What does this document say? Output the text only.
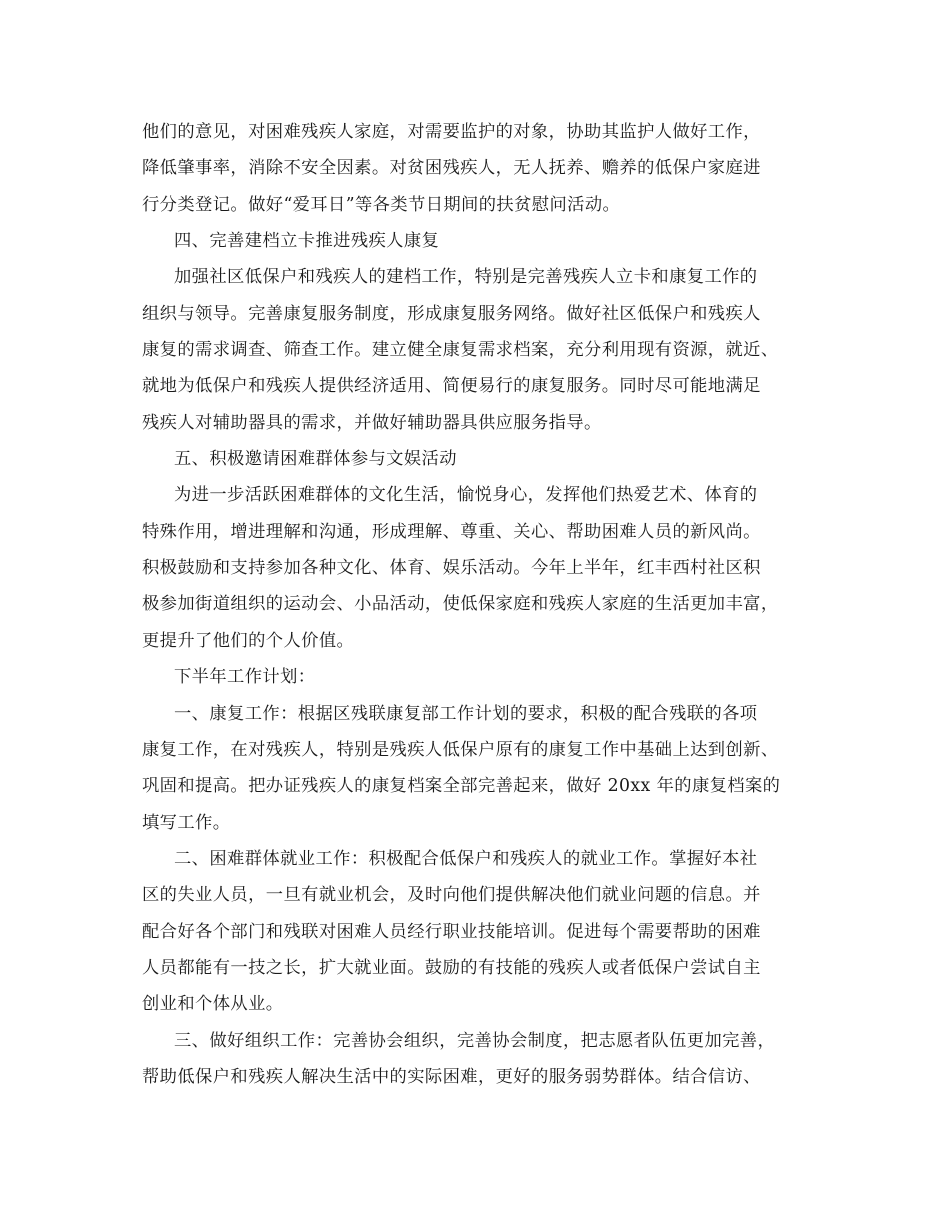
他们的意见，对困难残疾人家庭，对需要监护的对象，协助其监护人做好工作，

降低肇事率，消除不安全因素。对贫困残疾人，无人抚养、赡养的低保户家庭进

行分类登记。做好“爱耳日”等各类节日期间的扶贫慰问活动。

四、完善建档立卡推进残疾人康复

加强社区低保户和残疾人的建档工作，特别是完善残疾人立卡和康复工作的

组织与领导。完善康复服务制度，形成康复服务网络。做好社区低保户和残疾人

康复的需求调查、筛查工作。建立健全康复需求档案，充分利用现有资源，就近、

就地为低保户和残疾人提供经济适用、简便易行的康复服务。同时尽可能地满足

残疾人对辅助器具的需求，并做好辅助器具供应服务指导。

五、积极邀请困难群体参与文娱活动

为进一步活跃困难群体的文化生活，愉悦身心，发挥他们热爱艺术、体育的

特殊作用，增进理解和沟通，形成理解、尊重、关心、帮助困难人员的新风尚。

积极鼓励和支持参加各种文化、体育、娱乐活动。今年上半年，红丰西村社区积

极参加街道组织的运动会、小品活动，使低保家庭和残疾人家庭的生活更加丰富，

更提升了他们的个人价值。

下半年工作计划：

一、康复工作：根据区残联康复部工作计划的要求，积极的配合残联的各项

康复工作，在对残疾人，特别是残疾人低保户原有的康复工作中基础上达到创新、

巩固和提高。把办证残疾人的康复档案全部完善起来，做好 20xx 年的康复档案的

填写工作。

二、困难群体就业工作：积极配合低保户和残疾人的就业工作。掌握好本社

区的失业人员，一旦有就业机会，及时向他们提供解决他们就业问题的信息。并

配合好各个部门和残联对困难人员经行职业技能培训。促进每个需要帮助的困难

人员都能有一技之长，扩大就业面。鼓励的有技能的残疾人或者低保户尝试自主

创业和个体从业。

三、做好组织工作：完善协会组织，完善协会制度，把志愿者队伍更加完善，

帮助低保户和残疾人解决生活中的实际困难，更好的服务弱势群体。结合信访、
